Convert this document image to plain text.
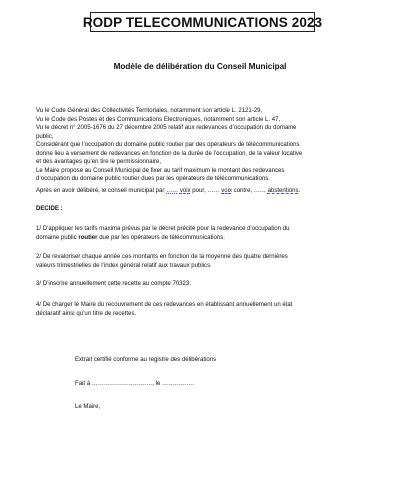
RODP TELECOMMUNICATIONS 2023
Modèle de délibération du Conseil Municipal

Vu le Code Général des Collectivités Territoriales, notamment son article L. 2121-29,

Vu le Code des Postes et des Communications Electroniques, notamment son article L. 47,

Vu le décret n° 2005-1676 du 27 décembre 2005 relatif aux redevances d’occupation du domaine

public,

Considérant que l’occupation du domaine public routier par des opérateurs de télécommunications

donne lieu à versement de redevances en fonction de la durée de l’occupation, de la valeur locative

et des avantages qu’en tire le permissionnaire,

Le Maire propose au Conseil Municipal de fixer au tarif maximum le montant des redevances

d’occupation du domaine public routier dues par les opérateurs de télécommunications.

Après en avoir délibéré, le conseil municipal par …… voix pour, …… voix contre, …… abstentions.
DECIDE :

1/ D’appliquer les tarifs maxima prévus par le décret précité pour la redevance d’occupation du

domaine public routier due par les opérateurs de télécommunications.

2/ De revaloriser chaque année ces montants en fonction de la moyenne des quatre dernières

valeurs trimestrielles de l’index général relatif aux travaux publics.

3/ D’inscrire annuellement cette recette au compte 70323.

4/ De charger le Maire du recouvrement de ces redevances en établissant annuellement un état

déclaratif ainsi qu’un titre de recettes.

Extrait certifié conforme au registre des délibérations
Fait à …………………………, le …………….
Le Maire,
